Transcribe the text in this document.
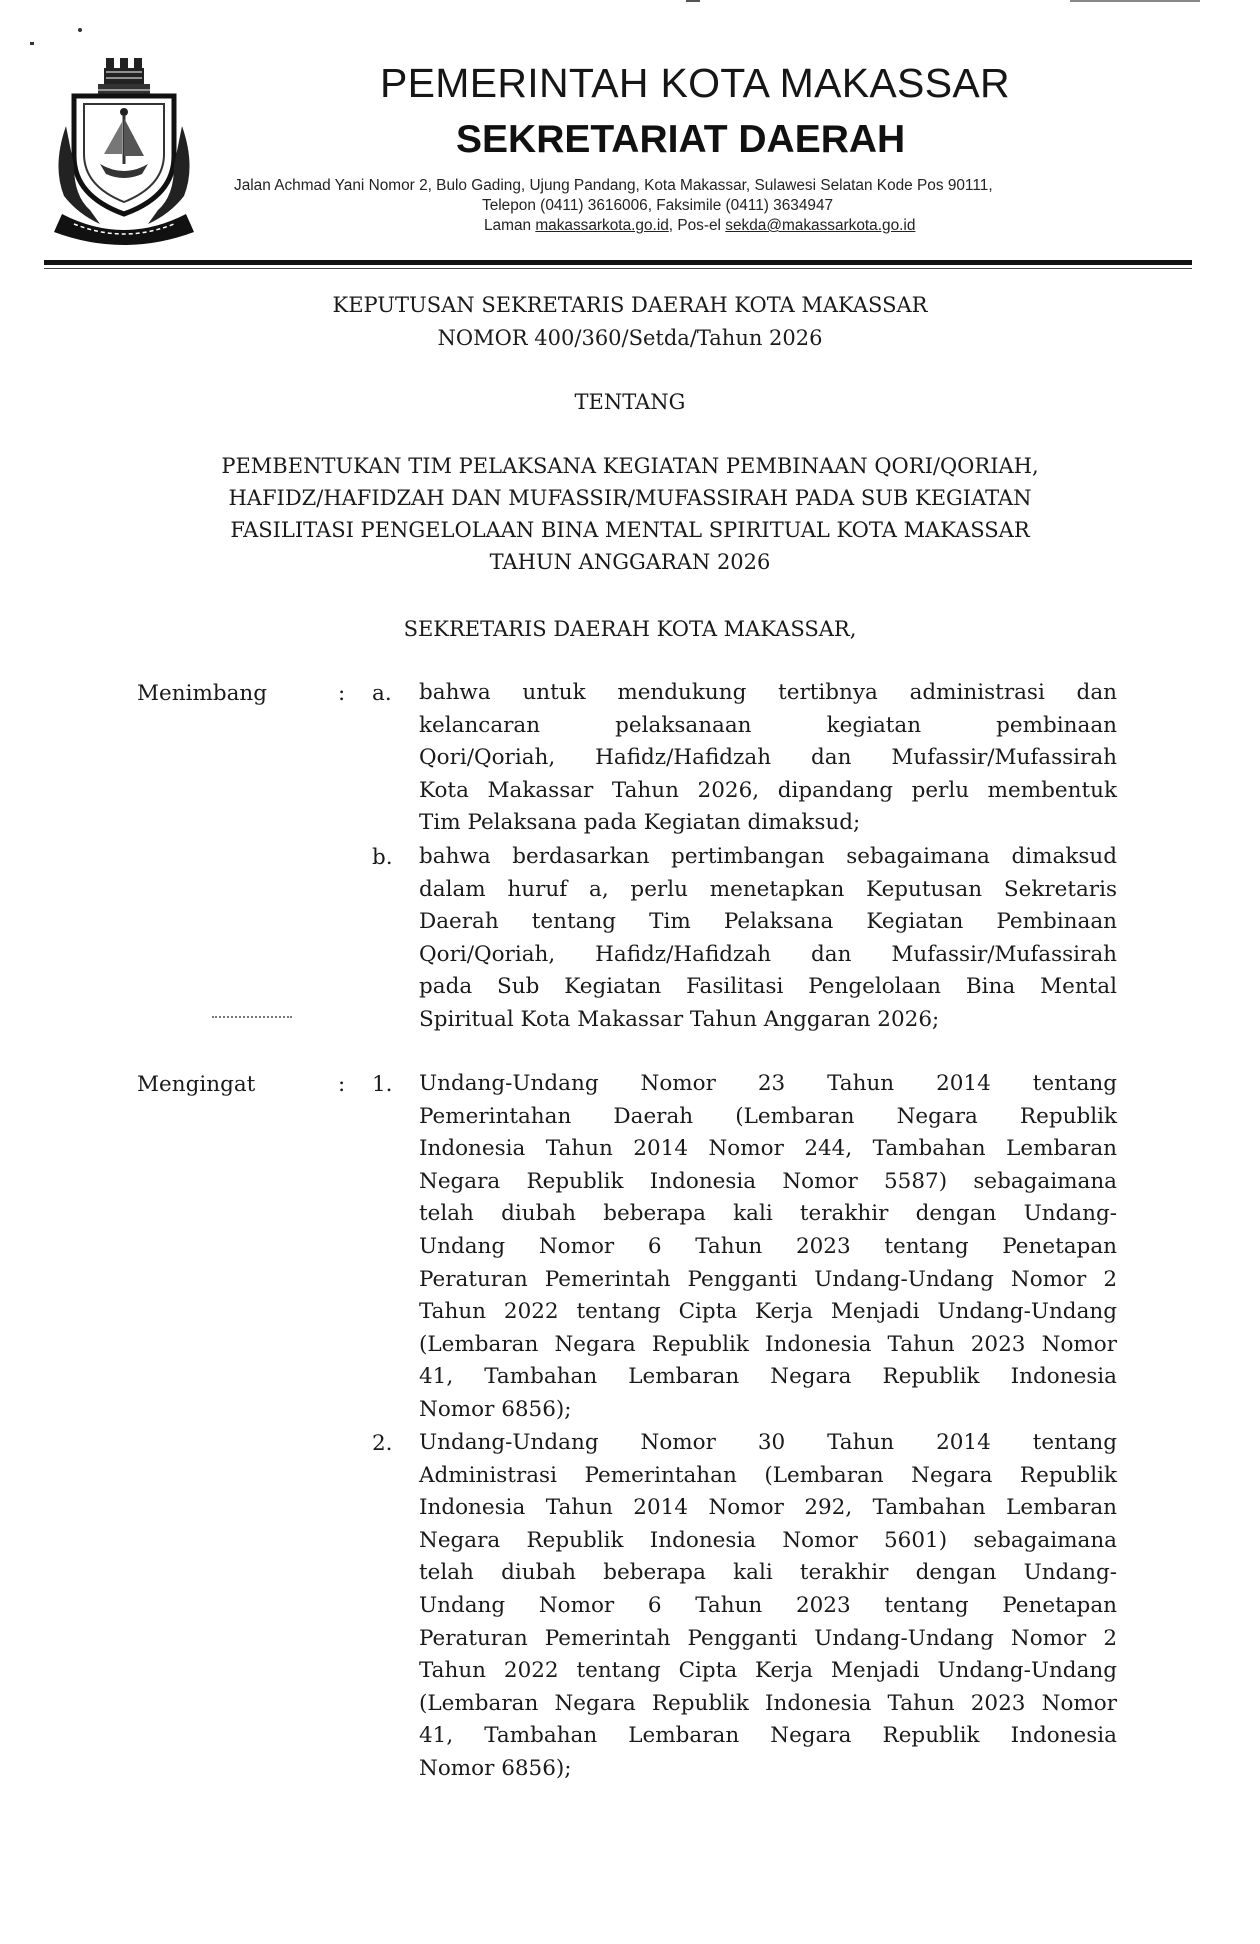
PEMERINTAH KOTA MAKASSAR
SEKRETARIAT DAERAH
Jalan Achmad Yani Nomor 2, Bulo Gading, Ujung Pandang, Kota Makassar, Sulawesi Selatan Kode Pos 90111,
Telepon (0411) 3616006, Faksimile (0411) 3634947
Laman makassarkota.go.id, Pos-el sekda@makassarkota.go.id
KEPUTUSAN SEKRETARIS DAERAH KOTA MAKASSAR
NOMOR 400/360/Setda/Tahun 2026
TENTANG
PEMBENTUKAN TIM PELAKSANA KEGIATAN PEMBINAAN QORI/QORIAH,
HAFIDZ/HAFIDZAH DAN MUFASSIR/MUFASSIRAH PADA SUB KEGIATAN
FASILITASI PENGELOLAAN BINA MENTAL SPIRITUAL KOTA MAKASSAR
TAHUN ANGGARAN 2026
SEKRETARIS DAERAH KOTA MAKASSAR,
Menimbang	: a.	bahwa untuk mendukung tertibnya administrasi dan
kelancaran pelaksanaan kegiatan pembinaan
Qori/Qoriah, Hafidz/Hafidzah dan Mufassir/Mufassirah
Kota Makassar Tahun 2026, dipandang perlu membentuk
Tim Pelaksana pada Kegiatan dimaksud;
b.	bahwa berdasarkan pertimbangan sebagaimana dimaksud
dalam huruf a, perlu menetapkan Keputusan Sekretaris
Daerah tentang Tim Pelaksana Kegiatan Pembinaan
Qori/Qoriah, Hafidz/Hafidzah dan Mufassir/Mufassirah
pada Sub Kegiatan Fasilitasi Pengelolaan Bina Mental
Spiritual Kota Makassar Tahun Anggaran 2026;
Mengingat	: 1.	Undang-Undang Nomor 23 Tahun 2014 tentang
Pemerintahan Daerah (Lembaran Negara Republik
Indonesia Tahun 2014 Nomor 244, Tambahan Lembaran
Negara Republik Indonesia Nomor 5587) sebagaimana
telah diubah beberapa kali terakhir dengan Undang-
Undang Nomor 6 Tahun 2023 tentang Penetapan
Peraturan Pemerintah Pengganti Undang-Undang Nomor 2
Tahun 2022 tentang Cipta Kerja Menjadi Undang-Undang
(Lembaran Negara Republik Indonesia Tahun 2023 Nomor
41, Tambahan Lembaran Negara Republik Indonesia
Nomor 6856);
2.	Undang-Undang Nomor 30 Tahun 2014 tentang
Administrasi Pemerintahan (Lembaran Negara Republik
Indonesia Tahun 2014 Nomor 292, Tambahan Lembaran
Negara Republik Indonesia Nomor 5601) sebagaimana
telah diubah beberapa kali terakhir dengan Undang-
Undang Nomor 6 Tahun 2023 tentang Penetapan
Peraturan Pemerintah Pengganti Undang-Undang Nomor 2
Tahun 2022 tentang Cipta Kerja Menjadi Undang-Undang
(Lembaran Negara Republik Indonesia Tahun 2023 Nomor
41, Tambahan Lembaran Negara Republik Indonesia
Nomor 6856);
